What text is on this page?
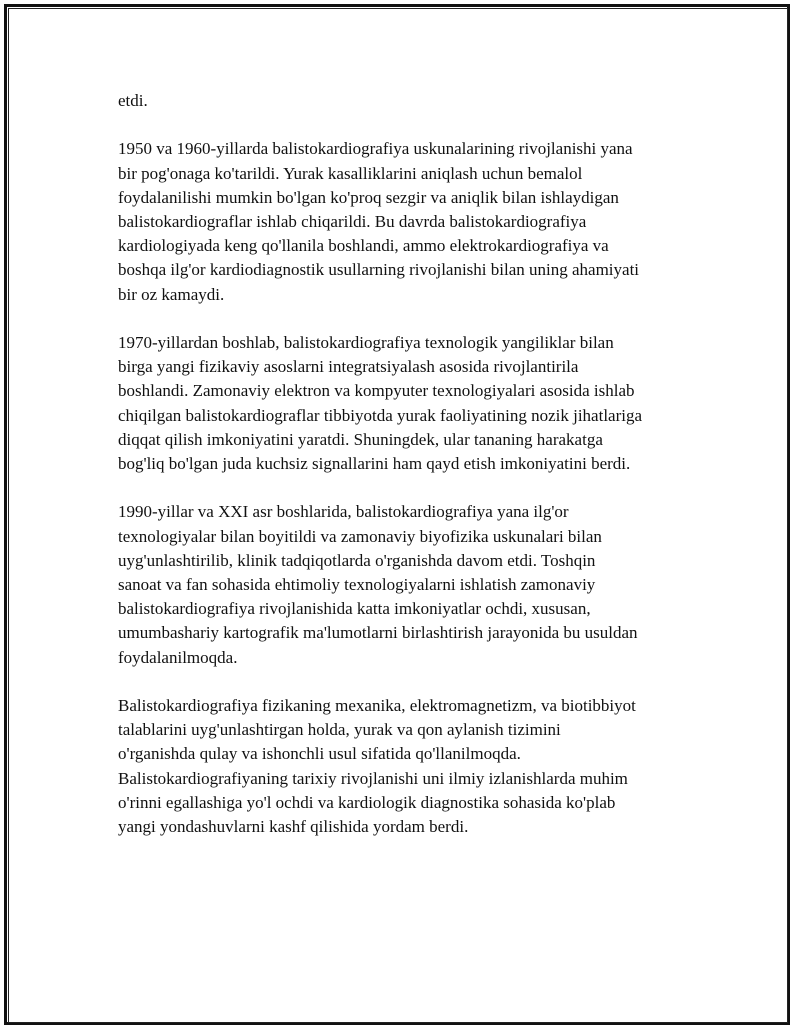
etdi.

1950 va 1960-yillarda balistokardiografiya uskunalarining rivojlanishi yana
bir pog'onaga ko'tarildi. Yurak kasalliklarini aniqlash uchun bemalol
foydalanilishi mumkin bo'lgan ko'proq sezgir va aniqlik bilan ishlaydigan
balistokardiograflar ishlab chiqarildi. Bu davrda balistokardiografiya
kardiologiyada keng qo'llanila boshlandi, ammo elektrokardiografiya va
boshqa ilg'or kardiodiagnostik usullarning rivojlanishi bilan uning ahamiyati
bir oz kamaydi.

1970-yillardan boshlab, balistokardiografiya texnologik yangiliklar bilan
birga yangi fizikaviy asoslarni integratsiyalash asosida rivojlantirila
boshlandi. Zamonaviy elektron va kompyuter texnologiyalari asosida ishlab
chiqilgan balistokardiograflar tibbiyotda yurak faoliyatining nozik jihatlariga
diqqat qilish imkoniyatini yaratdi. Shuningdek, ular tananing harakatga
bog'liq bo'lgan juda kuchsiz signallarini ham qayd etish imkoniyatini berdi.

1990-yillar va XXI asr boshlarida, balistokardiografiya yana ilg'or
texnologiyalar bilan boyitildi va zamonaviy biyofizika uskunalari bilan
uyg'unlashtirilib, klinik tadqiqotlarda o'rganishda davom etdi. Toshqin
sanoat va fan sohasida ehtimoliy texnologiyalarni ishlatish zamonaviy
balistokardiografiya rivojlanishida katta imkoniyatlar ochdi, xususan,
umumbashariy kartografik ma'lumotlarni birlashtirish jarayonida bu usuldan
foydalanilmoqda.

Balistokardiografiya fizikaning mexanika, elektromagnetizm, va biotibbiyot
talablarini uyg'unlashtirgan holda, yurak va qon aylanish tizimini
o'rganishda qulay va ishonchli usul sifatida qo'llanilmoqda.
Balistokardiografiyaning tarixiy rivojlanishi uni ilmiy izlanishlarda muhim
o'rinni egallashiga yo'l ochdi va kardiologik diagnostika sohasida ko'plab
yangi yondashuvlarni kashf qilishida yordam berdi.
